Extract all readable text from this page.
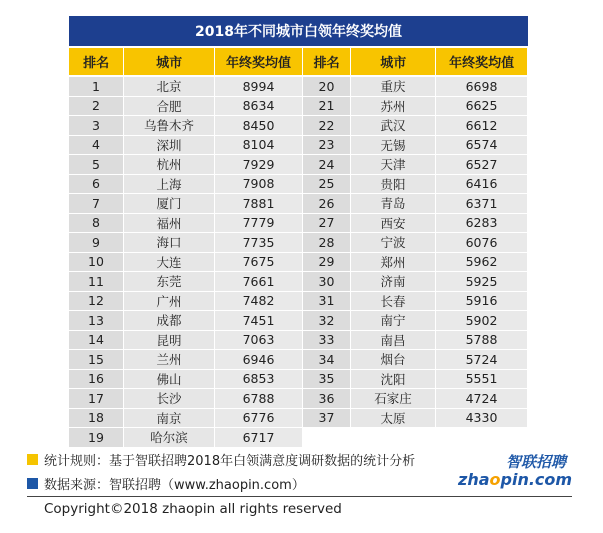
2018年不同城市白领年终奖均值
排名	城市	年终奖均值	排名	城市	年终奖均值
1	北京	8994	20	重庆	6698
2	合肥	8634	21	苏州	6625
3	乌鲁木齐	8450	22	武汉	6612
4	深圳	8104	23	无锡	6574
5	杭州	7929	24	天津	6527
6	上海	7908	25	贵阳	6416
7	厦门	7881	26	青岛	6371
8	福州	7779	27	西安	6283
9	海口	7735	28	宁波	6076
10	大连	7675	29	郑州	5962
11	东莞	7661	30	济南	5925
12	广州	7482	31	长春	5916
13	成都	7451	32	南宁	5902
14	昆明	7063	33	南昌	5788
15	兰州	6946	34	烟台	5724
16	佛山	6853	35	沈阳	5551
17	长沙	6788	36	石家庄	4724
18	南京	6776	37	太原	4330
19	哈尔滨	6717
统计规则：基于智联招聘2018年白领满意度调研数据的统计分析
数据来源：智联招聘（www.zhaopin.com）
智联招聘
zhaopin.com
Copyright©2018 zhaopin all rights reserved
